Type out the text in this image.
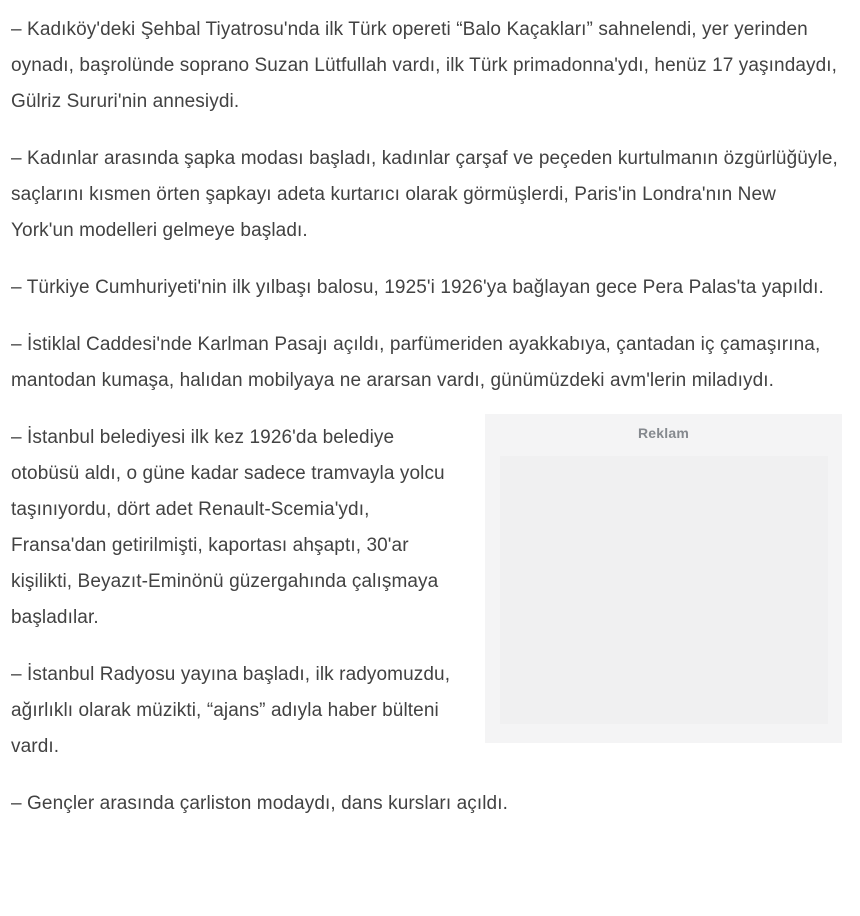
– Kadıköy'deki Şehbal Tiyatrosu'nda ilk Türk opereti “Balo Kaçakları” sahnelendi, yer yerinden oynadı, başrolünde soprano Suzan Lütfullah vardı, ilk Türk primadonna'ydı, henüz 17 yaşındaydı, Gülriz Sururi'nin annesiydi.

– Kadınlar arasında şapka modası başladı, kadınlar çarşaf ve peçeden kurtulmanın özgürlüğüyle, saçlarını kısmen örten şapkayı adeta kurtarıcı olarak görmüşlerdi, Paris'in Londra'nın New York'un modelleri gelmeye başladı.

– Türkiye Cumhuriyeti'nin ilk yılbaşı balosu, 1925'i 1926'ya bağlayan gece Pera Palas'ta yapıldı.

– İstiklal Caddesi'nde Karlman Pasajı açıldı, parfümeriden ayakkabıya, çantadan iç çamaşırına, mantodan kumaşa, halıdan mobilyaya ne ararsan vardı, günümüzdeki avm'lerin miladıydı.

Reklam

– İstanbul belediyesi ilk kez 1926'da belediye otobüsü aldı, o güne kadar sadece tramvayla yolcu taşınıyordu, dört adet Renault-Scemia'ydı, Fransa'dan getirilmişti, kaportası ahşaptı, 30'ar kişilikti, Beyazıt-Eminönü güzergahında çalışmaya başladılar.

– İstanbul Radyosu yayına başladı, ilk radyomuzdu, ağırlıklı olarak müzikti, “ajans” adıyla haber bülteni vardı.

– Gençler arasında çarliston modaydı, dans kursları açıldı.
